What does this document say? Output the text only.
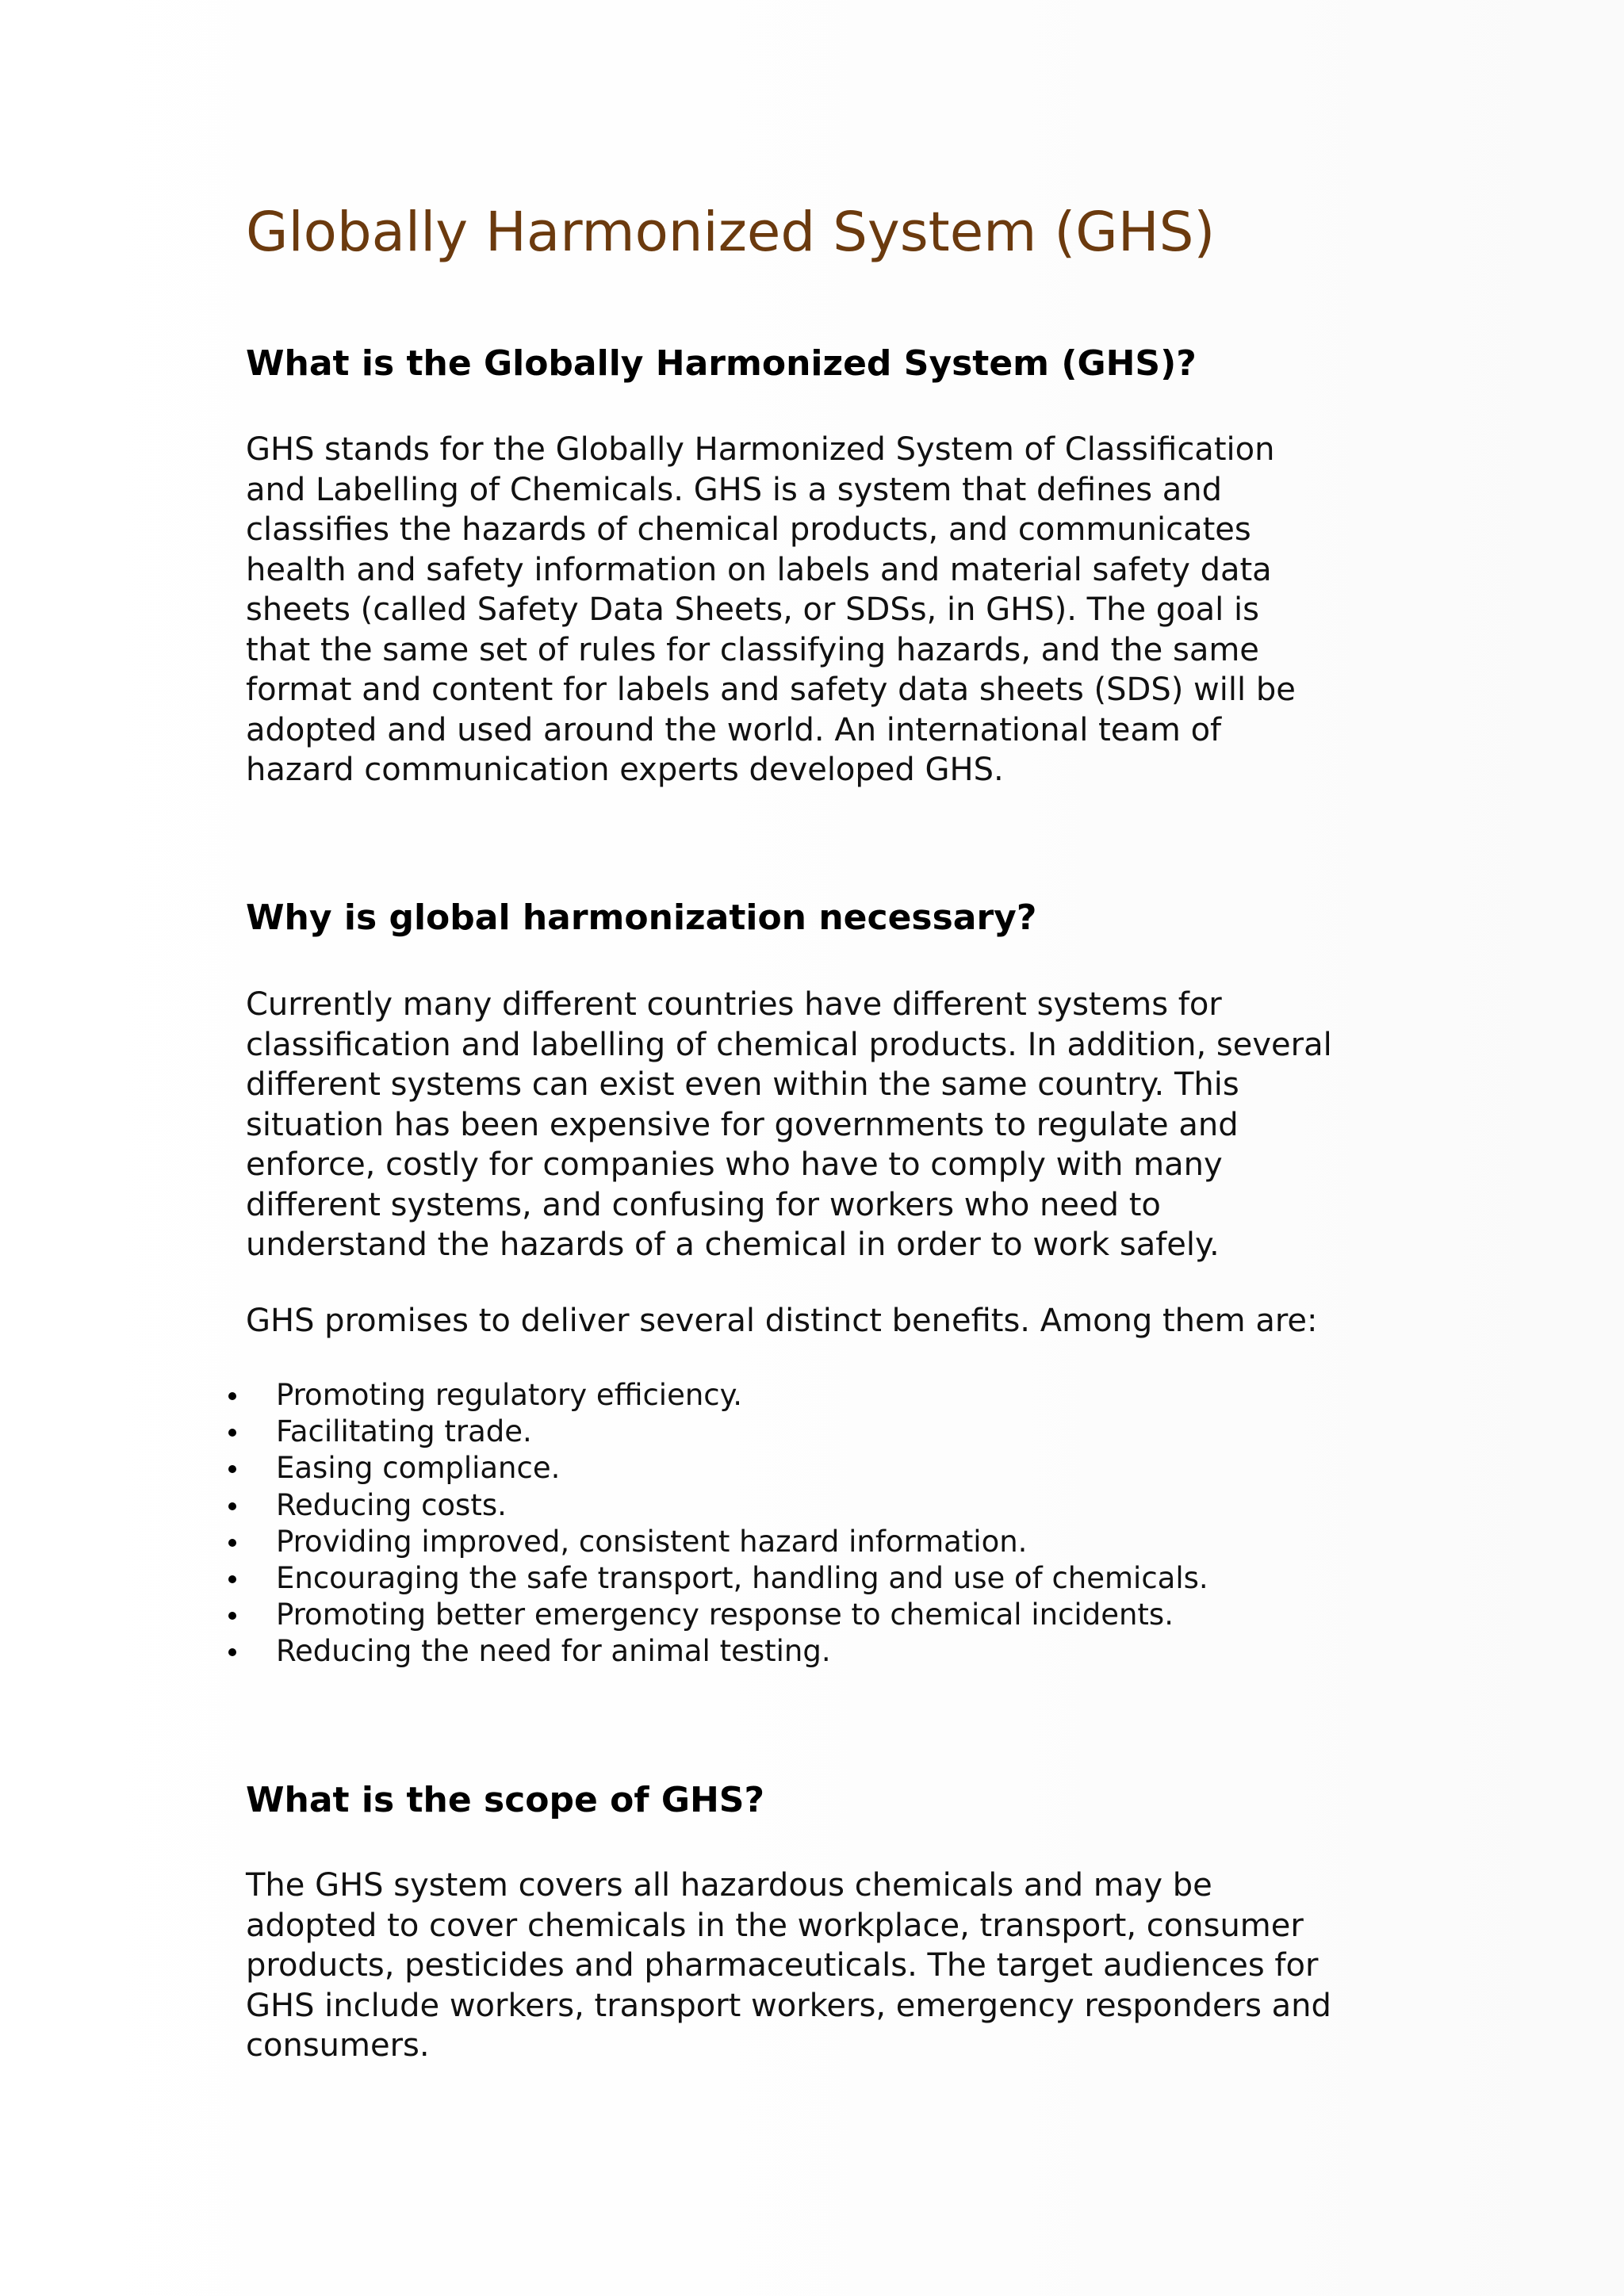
Globally Harmonized System (GHS)
What is the Globally Harmonized System (GHS)?

GHS stands for the Globally Harmonized System of Classification
and Labelling of Chemicals. GHS is a system that defines and
classifies the hazards of chemical products, and communicates
health and safety information on labels and material safety data
sheets (called Safety Data Sheets, or SDSs, in GHS). The goal is
that the same set of rules for classifying hazards, and the same
format and content for labels and safety data sheets (SDS) will be
adopted and used around the world. An international team of
hazard communication experts developed GHS.

Why is global harmonization necessary?

Currently many different countries have different systems for
classification and labelling of chemical products. In addition, several
different systems can exist even within the same country. This
situation has been expensive for governments to regulate and
enforce, costly for companies who have to comply with many
different systems, and confusing for workers who need to
understand the hazards of a chemical in order to work safely.

GHS promises to deliver several distinct benefits. Among them are:

Promoting regulatory efficiency.
Facilitating trade.
Easing compliance.
Reducing costs.
Providing improved, consistent hazard information.
Encouraging the safe transport, handling and use of chemicals.
Promoting better emergency response to chemical incidents.
Reducing the need for animal testing.
What is the scope of GHS?

The GHS system covers all hazardous chemicals and may be
adopted to cover chemicals in the workplace, transport, consumer
products, pesticides and pharmaceuticals. The target audiences for
GHS include workers, transport workers, emergency responders and
consumers.
